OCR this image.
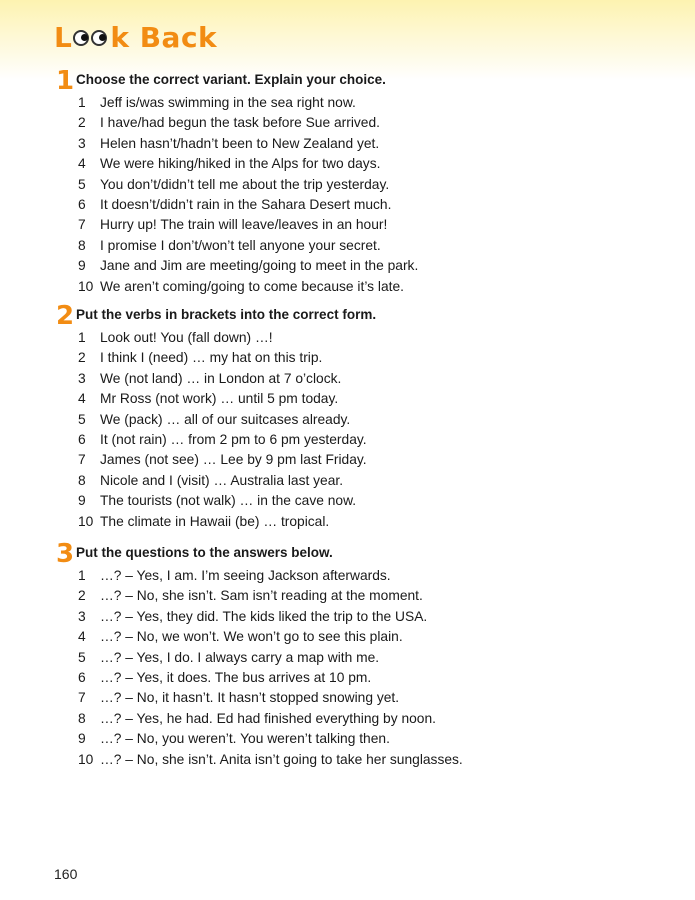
L k Back
1 Choose the correct variant. Explain your choice.
1	Jeff is/was swimming in the sea right now.
2	I have/had begun the task before Sue arrived.
3	Helen hasn’t/hadn’t been to New Zealand yet.
4	We were hiking/hiked in the Alps for two days.
5	You don’t/didn’t tell me about the trip yesterday.
6	It doesn’t/didn’t rain in the Sahara Desert much.
7	Hurry up! The train will leave/leaves in an hour!
8	I promise I don’t/won’t tell anyone your secret.
9	Jane and Jim are meeting/going to meet in the park.
10 We aren’t coming/going to come because it’s late.
2 Put the verbs in brackets into the correct form.
1	Look out! You (fall down) …!
2	I think I (need) … my hat on this trip.
3	We (not land) … in London at 7 o’clock.
4	Mr Ross (not work) … until 5 pm today.
5	We (pack) … all of our suitcases already.
6	It (not rain) … from 2 pm to 6 pm yesterday.
7	James (not see) … Lee by 9 pm last Friday.
8	Nicole and I (visit) … Australia last year.
9	The tourists (not walk) … in the cave now.
10 The climate in Hawaii (be) … tropical.
3 Put the questions to the answers below.
1	…? – Yes, I am. I’m seeing Jackson afterwards.
2	…? – No, she isn’t. Sam isn’t reading at the moment.
3	…? – Yes, they did. The kids liked the trip to the USA.
4	…? – No, we won’t. We won’t go to see this plain.
5	…? – Yes, I do. I always carry a map with me.
6	…? – Yes, it does. The bus arrives at 10 pm.
7	…? – No, it hasn’t. It hasn’t stopped snowing yet.
8	…? – Yes, he had. Ed had finished everything by noon.
9	…? – No, you weren’t. You weren’t talking then.
10 …? – No, she isn’t. Anita isn’t going to take her sunglasses.
160
